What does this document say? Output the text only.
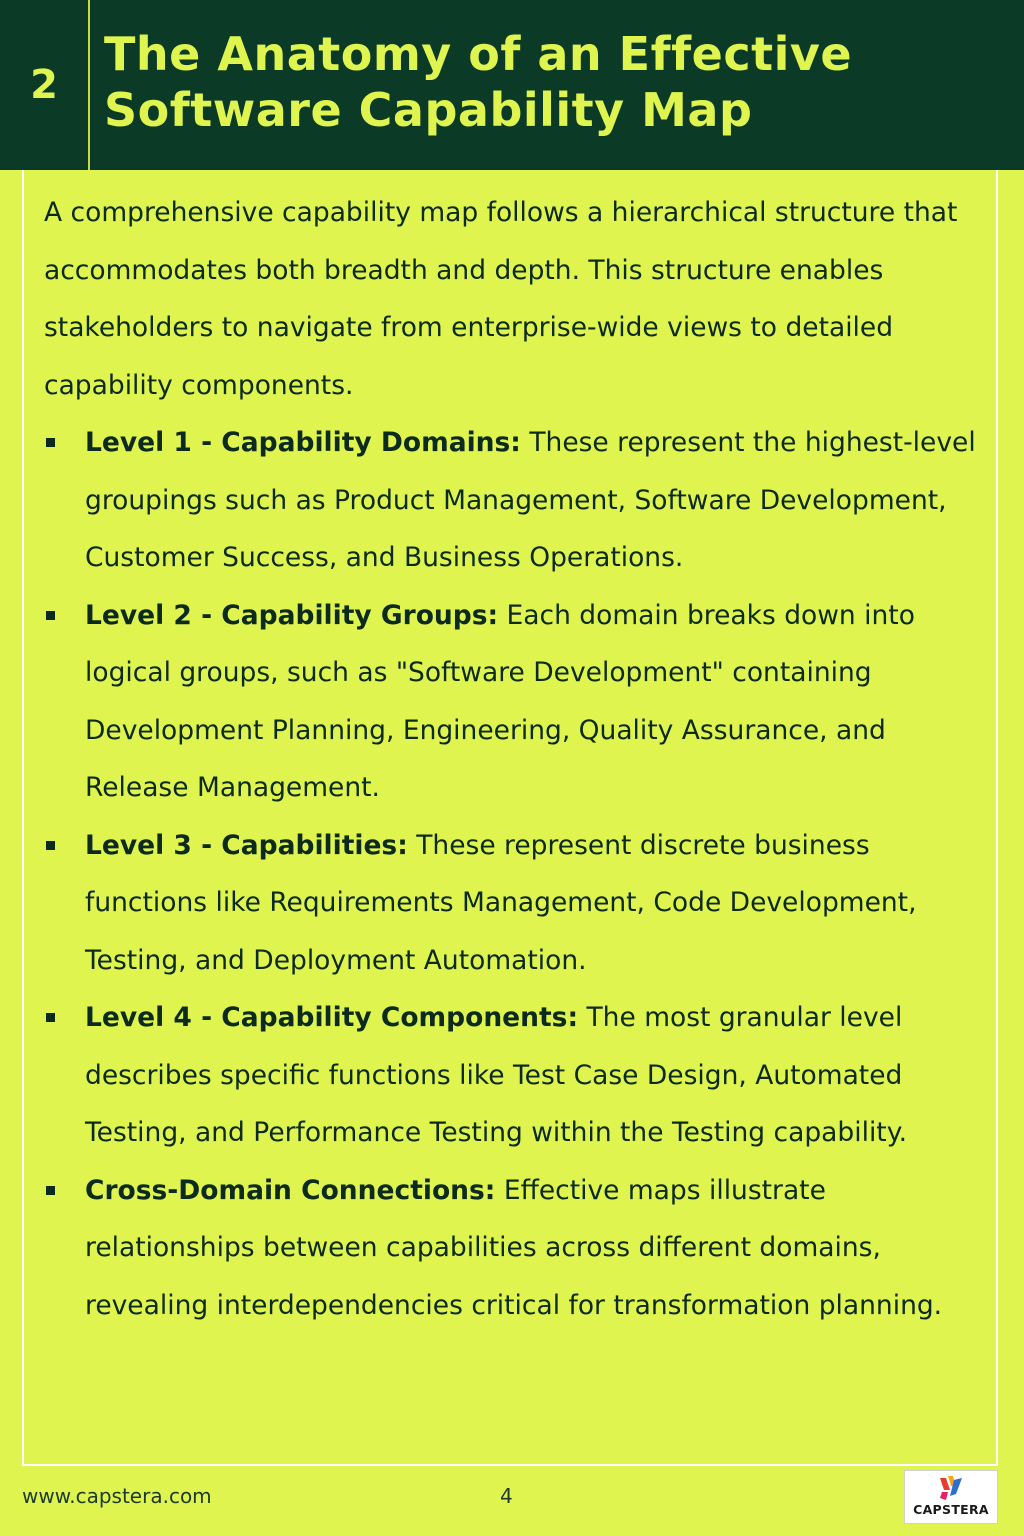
2
The Anatomy of an Effective
Software Capability Map

A comprehensive capability map follows a hierarchical structure that accommodates both breadth and depth. This structure enables stakeholders to navigate from enterprise-wide views to detailed capability components.

Level 1 - Capability Domains: These represent the highest-level groupings such as Product Management, Software Development, Customer Success, and Business Operations.
Level 2 - Capability Groups: Each domain breaks down into logical groups, such as "Software Development" containing Development Planning, Engineering, Quality Assurance, and Release Management.
Level 3 - Capabilities: These represent discrete business functions like Requirements Management, Code Development, Testing, and Deployment Automation.
Level 4 - Capability Components: The most granular level describes specific functions like Test Case Design, Automated Testing, and Performance Testing within the Testing capability.
Cross-Domain Connections: Effective maps illustrate relationships between capabilities across different domains, revealing interdependencies critical for transformation planning.
www.capstera.com	4
CAPSTERA
